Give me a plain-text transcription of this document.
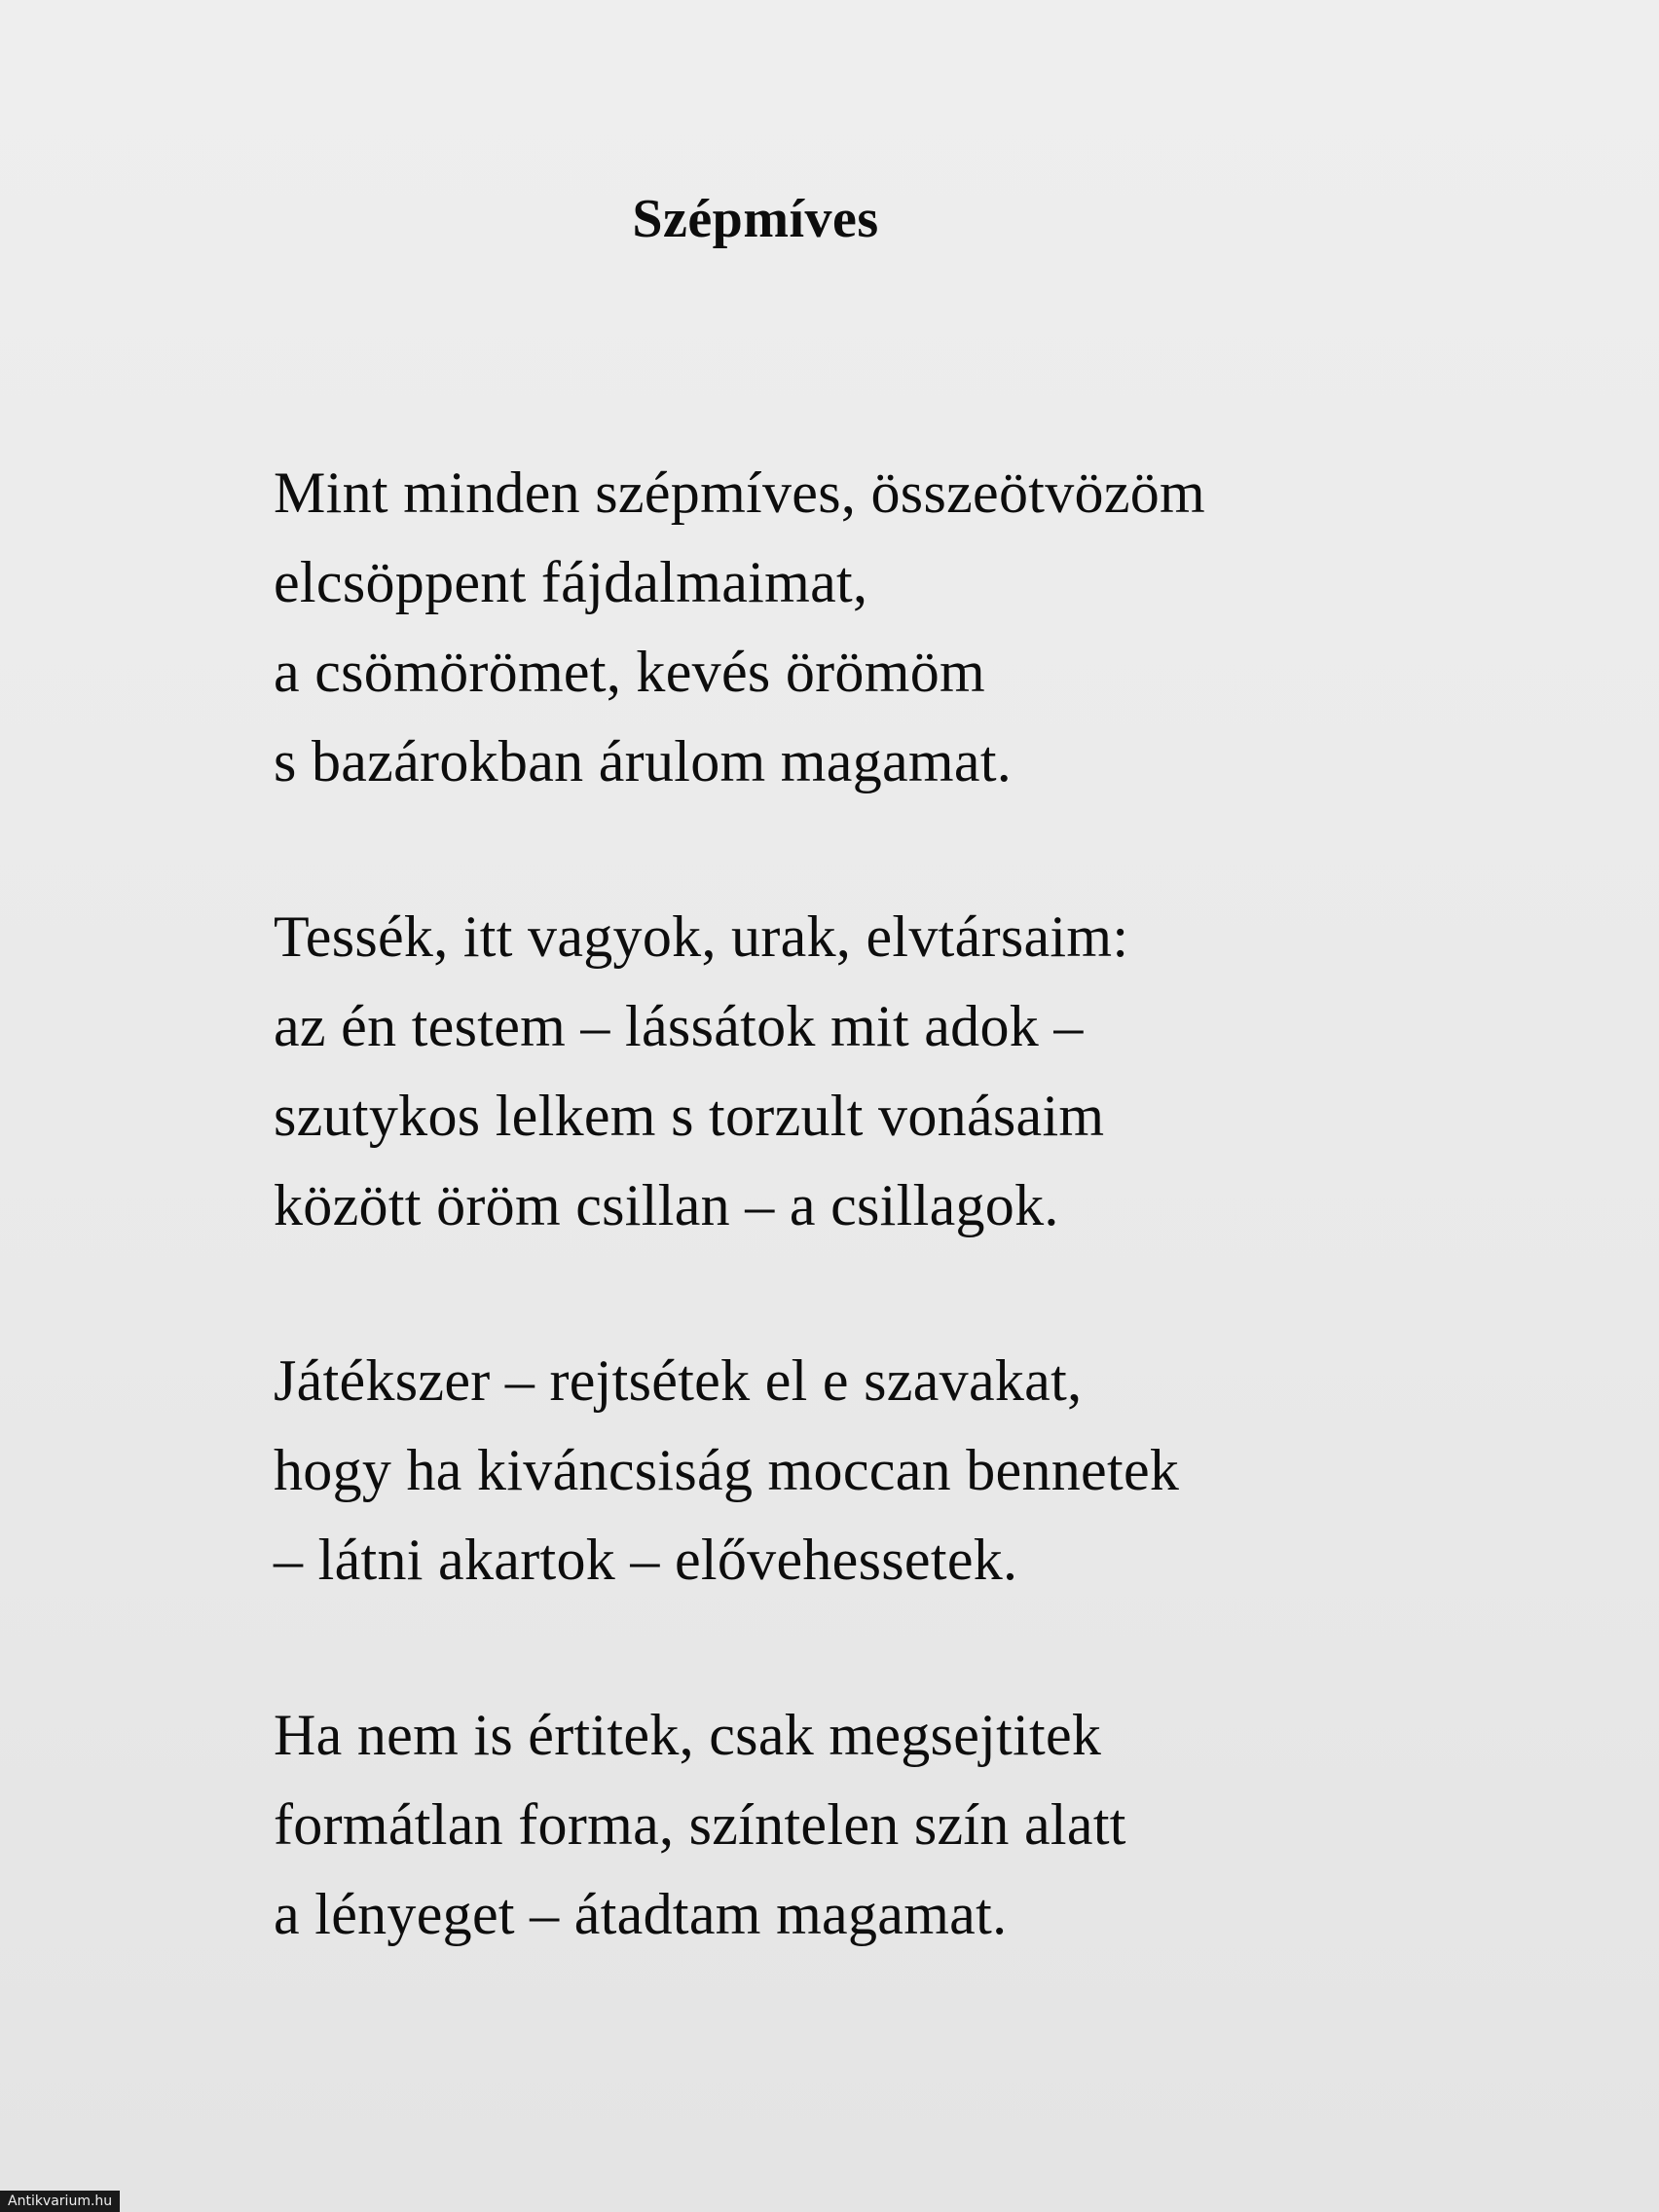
Szépmíves
Mint minden szépmíves, összeötvözöm
elcsöppent fájdalmaimat,
a csömörömet, kevés örömöm
s bazárokban árulom magamat.
Tessék, itt vagyok, urak, elvtársaim:
az én testem – lássátok mit adok –
szutykos lelkem s torzult vonásaim
között öröm csillan – a csillagok.
Játékszer – rejtsétek el e szavakat,
hogy ha kiváncsiság moccan bennetek
– látni akartok – elővehessetek.
Ha nem is értitek, csak megsejtitek
formátlan forma, színtelen szín alatt
a lényeget – átadtam magamat.
Antikvarium.hu
